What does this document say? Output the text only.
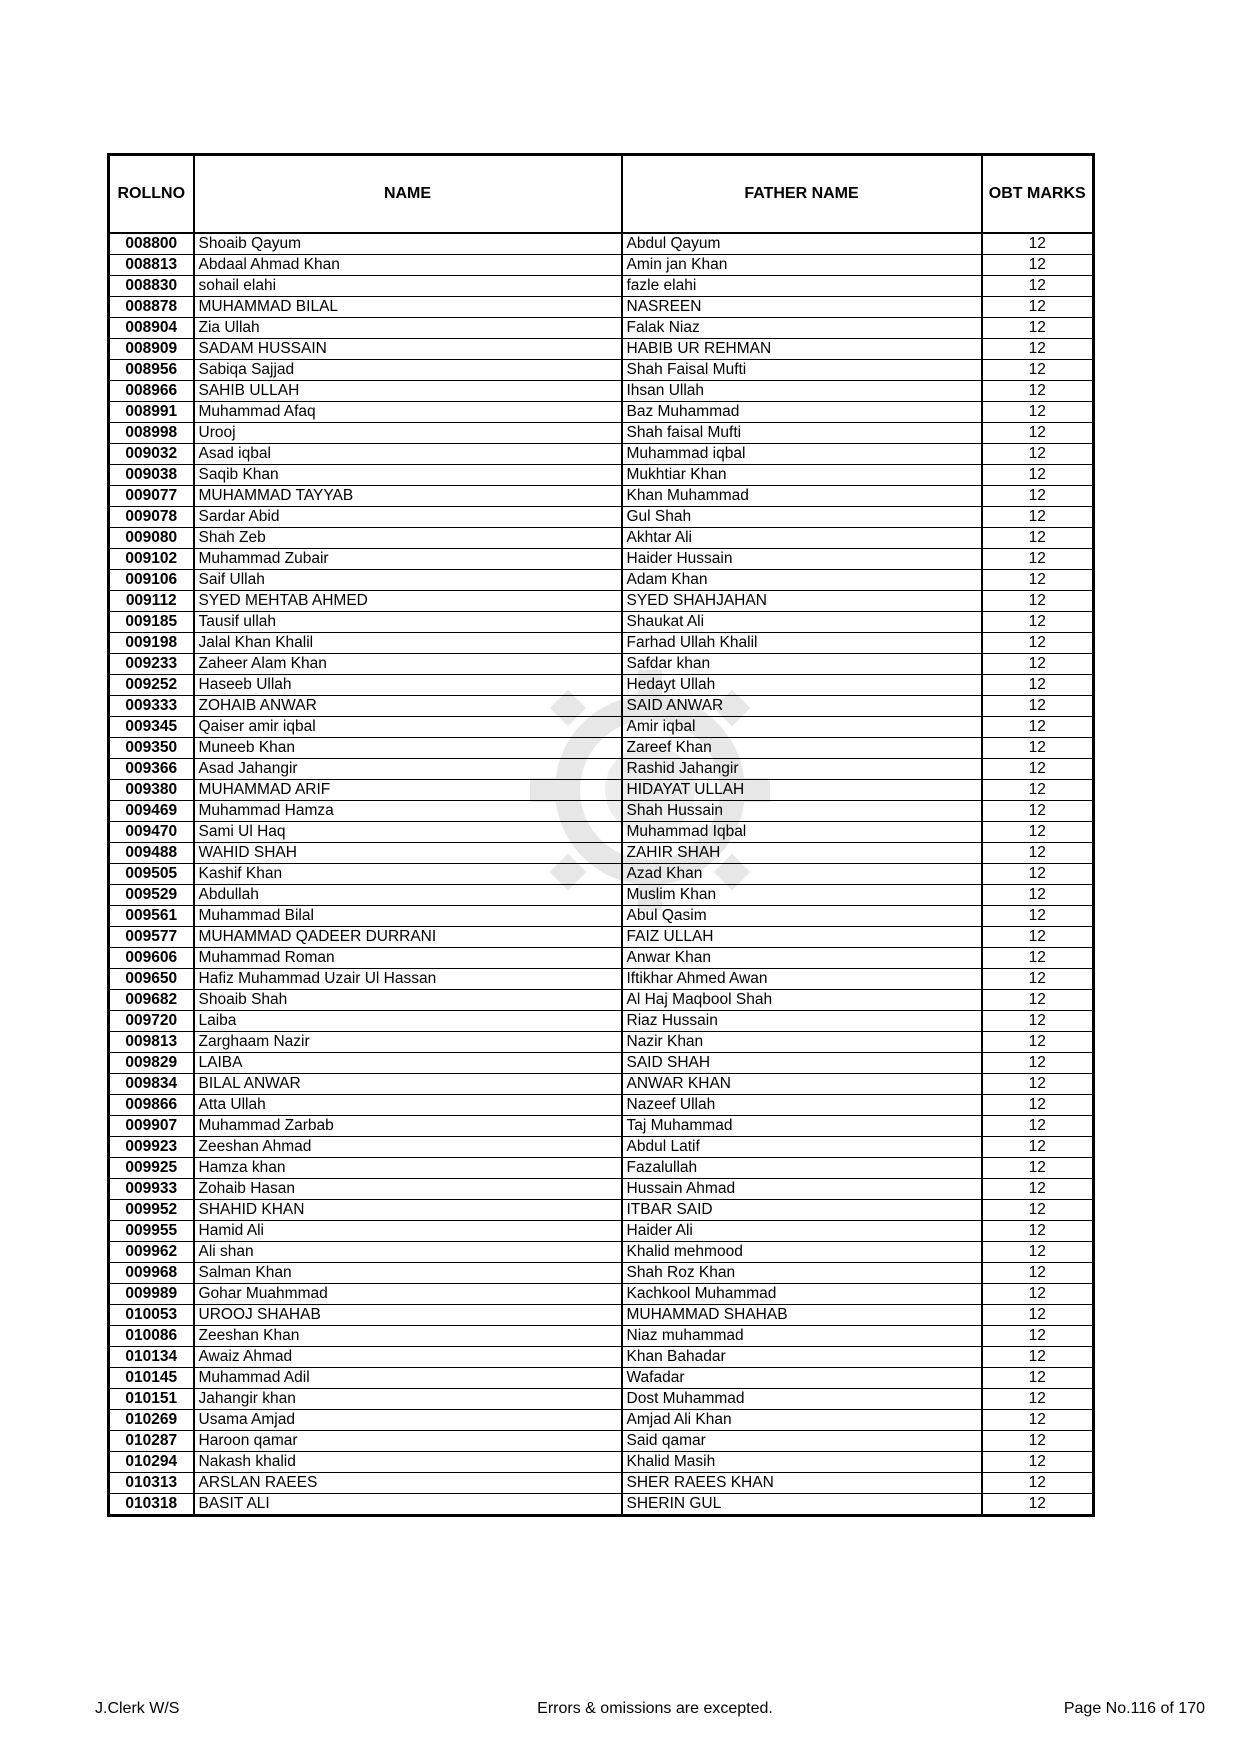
ROLLNO	NAME	FATHER NAME	OBT MARKS
008800	Shoaib Qayum	Abdul Qayum	12
008813	Abdaal Ahmad Khan	Amin jan Khan	12
008830	sohail elahi	fazle elahi	12
008878	MUHAMMAD BILAL	NASREEN	12
008904	Zia Ullah	Falak Niaz	12
008909	SADAM HUSSAIN	HABIB UR REHMAN	12
008956	Sabiqa Sajjad	Shah Faisal Mufti	12
008966	SAHIB ULLAH	Ihsan Ullah	12
008991	Muhammad Afaq	Baz Muhammad	12
008998	Urooj	Shah faisal Mufti	12
009032	Asad iqbal	Muhammad iqbal	12
009038	Saqib Khan	Mukhtiar Khan	12
009077	MUHAMMAD TAYYAB	Khan Muhammad	12
009078	Sardar Abid	Gul Shah	12
009080	Shah Zeb	Akhtar Ali	12
009102	Muhammad Zubair	Haider Hussain	12
009106	Saif Ullah	Adam Khan	12
009112	SYED MEHTAB AHMED	SYED SHAHJAHAN	12
009185	Tausif ullah	Shaukat Ali	12
009198	Jalal Khan Khalil	Farhad Ullah Khalil	12
009233	Zaheer Alam Khan	Safdar khan	12
009252	Haseeb Ullah	Hedayt Ullah	12
009333	ZOHAIB ANWAR	SAID ANWAR	12
009345	Qaiser amir iqbal	Amir iqbal	12
009350	Muneeb Khan	Zareef Khan	12
009366	Asad Jahangir	Rashid Jahangir	12
009380	MUHAMMAD ARIF	HIDAYAT ULLAH	12
009469	Muhammad Hamza	Shah Hussain	12
009470	Sami Ul Haq	Muhammad Iqbal	12
009488	WAHID SHAH	ZAHIR SHAH	12
009505	Kashif Khan	Azad Khan	12
009529	Abdullah	Muslim Khan	12
009561	Muhammad Bilal	Abul Qasim	12
009577	MUHAMMAD QADEER DURRANI	FAIZ ULLAH	12
009606	Muhammad Roman	Anwar Khan	12
009650	Hafiz Muhammad Uzair Ul Hassan	Iftikhar Ahmed Awan	12
009682	Shoaib Shah	Al Haj Maqbool Shah	12
009720	Laiba	Riaz Hussain	12
009813	Zarghaam Nazir	Nazir Khan	12
009829	LAIBA	SAID SHAH	12
009834	BILAL ANWAR	ANWAR KHAN	12
009866	Atta Ullah	Nazeef Ullah	12
009907	Muhammad Zarbab	Taj Muhammad	12
009923	Zeeshan Ahmad	Abdul Latif	12
009925	Hamza khan	Fazalullah	12
009933	Zohaib Hasan	Hussain Ahmad	12
009952	SHAHID KHAN	ITBAR SAID	12
009955	Hamid Ali	Haider Ali	12
009962	Ali shan	Khalid mehmood	12
009968	Salman Khan	Shah Roz Khan	12
009989	Gohar Muahmmad	Kachkool Muhammad	12
010053	UROOJ SHAHAB	MUHAMMAD SHAHAB	12
010086	Zeeshan Khan	Niaz muhammad	12
010134	Awaiz Ahmad	Khan Bahadar	12
010145	Muhammad Adil	Wafadar	12
010151	Jahangir khan	Dost Muhammad	12
010269	Usama Amjad	Amjad Ali Khan	12
010287	Haroon qamar	Said qamar	12
010294	Nakash khalid	Khalid Masih	12
010313	ARSLAN RAEES	SHER RAEES KHAN	12
010318	BASIT ALI	SHERIN GUL	12
J.Clerk W/S	Errors & omissions are excepted.	Page No.116 of 170
